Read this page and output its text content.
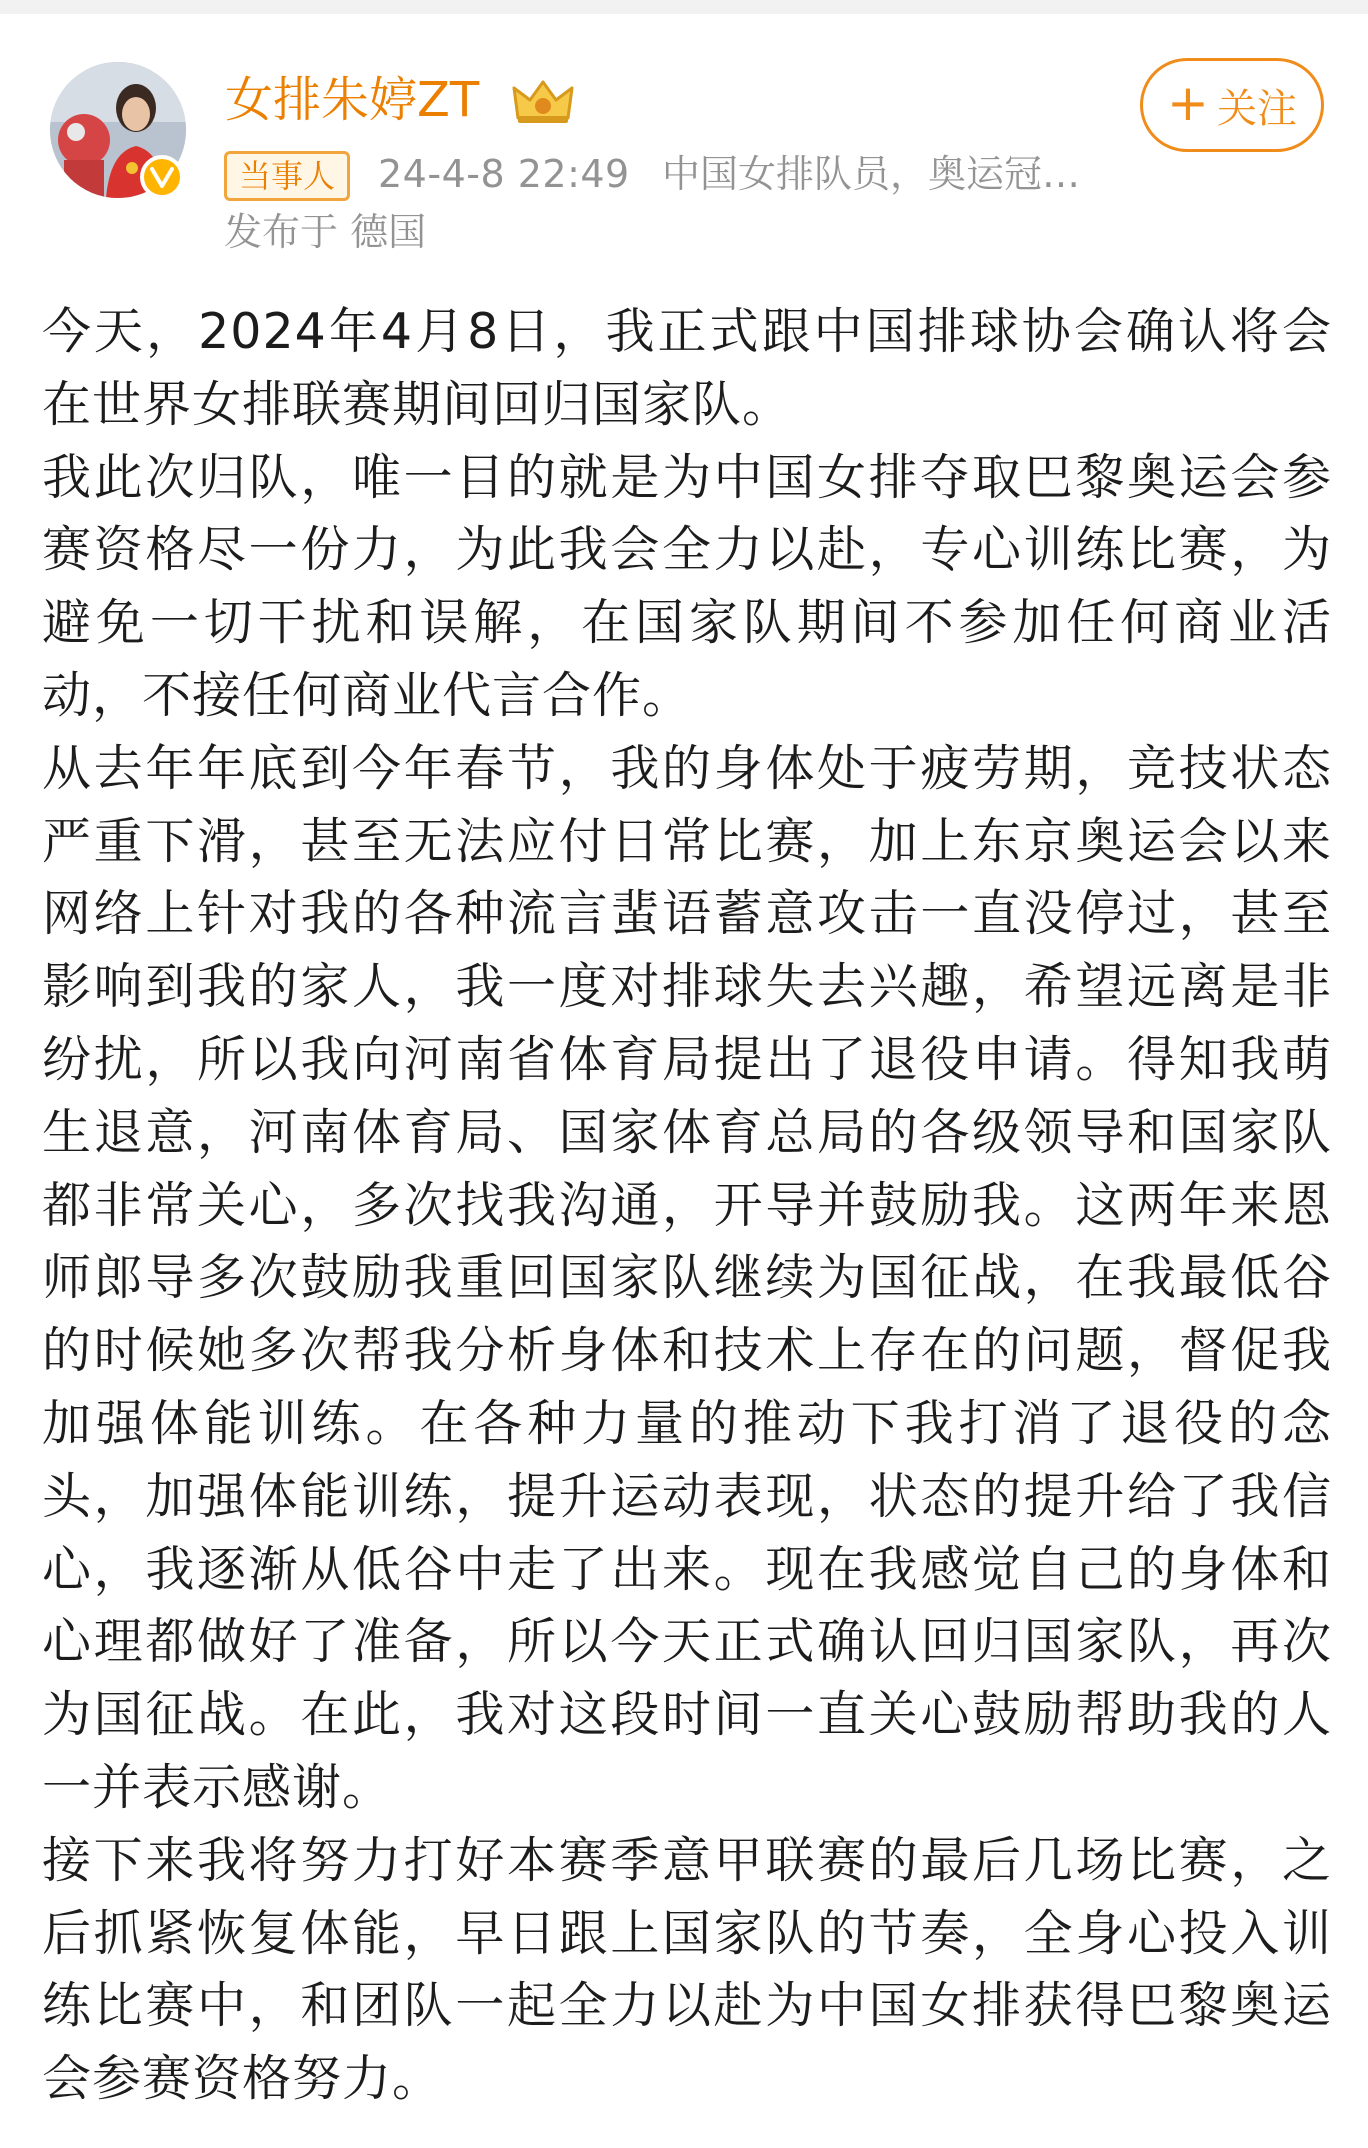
女排朱婷ZT	+ 关注
当事人	24-4-8 22:49 中国女排队员，奥运冠…
发布于 德国

今天，2024年4月8日，我正式跟中国排球协会确认将会在世界女排联赛期间回归国家队。

我此次归队，唯一目的就是为中国女排夺取巴黎奥运会参赛资格尽一份力，为此我会全力以赴，专心训练比赛，为避免一切干扰和误解，在国家队期间不参加任何商业活动，不接任何商业代言合作。

从去年年底到今年春节，我的身体处于疲劳期，竞技状态严重下滑，甚至无法应付日常比赛，加上东京奥运会以来网络上针对我的各种流言蜚语蓄意攻击一直没停过，甚至影响到我的家人，我一度对排球失去兴趣，希望远离是非纷扰，所以我向河南省体育局提出了退役申请。得知我萌生退意，河南体育局、国家体育总局的各级领导和国家队都非常关心，多次找我沟通，开导并鼓励我。这两年来恩师郎导多次鼓励我重回国家队继续为国征战，在我最低谷的时候她多次帮我分析身体和技术上存在的问题，督促我加强体能训练。在各种力量的推动下我打消了退役的念头，加强体能训练，提升运动表现，状态的提升给了我信心，我逐渐从低谷中走了出来。现在我感觉自己的身体和心理都做好了准备，所以今天正式确认回归国家队，再次为国征战。在此，我对这段时间一直关心鼓励帮助我的人一并表示感谢。

接下来我将努力打好本赛季意甲联赛的最后几场比赛，之后抓紧恢复体能，早日跟上国家队的节奏，全身心投入训练比赛中，和团队一起全力以赴为中国女排获得巴黎奥运会参赛资格努力。
